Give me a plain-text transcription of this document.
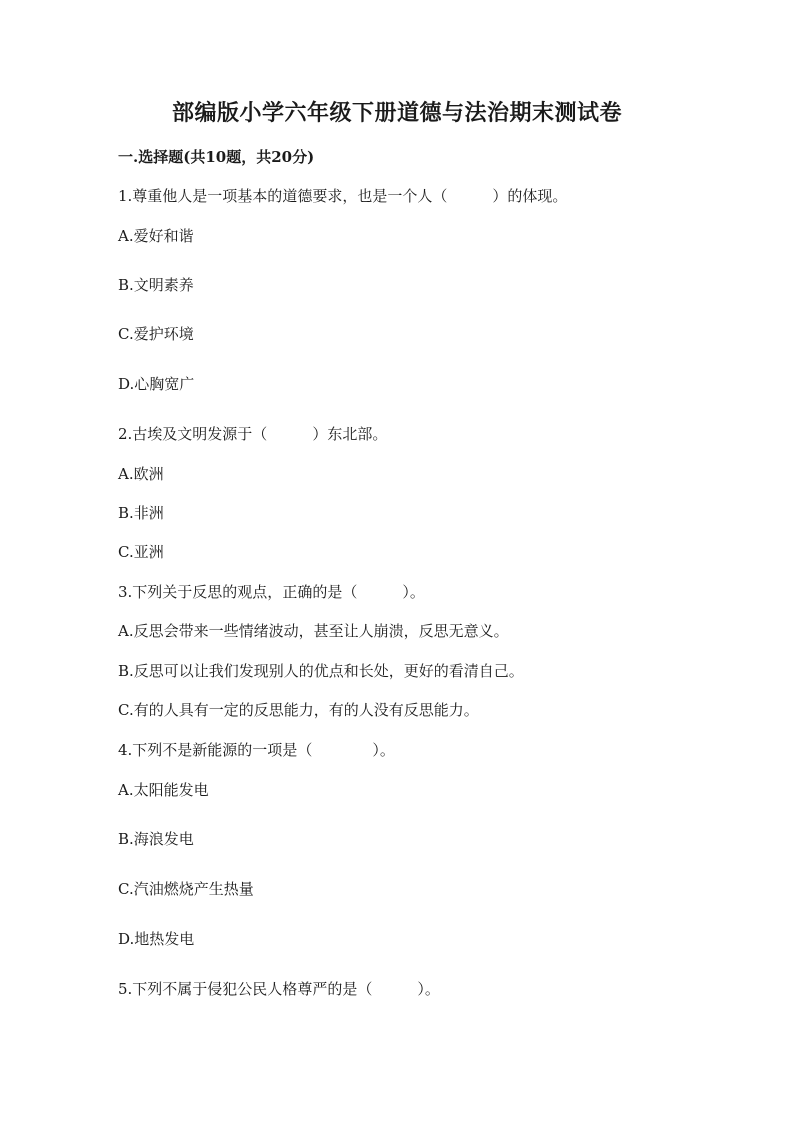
部编版小学六年级下册道德与法治期末测试卷
一.选择题(共10题，共20分)
1.尊重他人是一项基本的道德要求，也是一个人（　　　）的体现。
A.爱好和谐
B.文明素养
C.爱护环境
D.心胸宽广
2.古埃及文明发源于（　　　）东北部。
A.欧洲
B.非洲
C.亚洲
3.下列关于反思的观点，正确的是（　　　）。
A.反思会带来一些情绪波动，甚至让人崩溃，反思无意义。
B.反思可以让我们发现别人的优点和长处，更好的看清自己。
C.有的人具有一定的反思能力，有的人没有反思能力。
4.下列不是新能源的一项是（　　　　）。
A.太阳能发电
B.海浪发电
C.汽油燃烧产生热量
D.地热发电
5.下列不属于侵犯公民人格尊严的是（　　　）。
